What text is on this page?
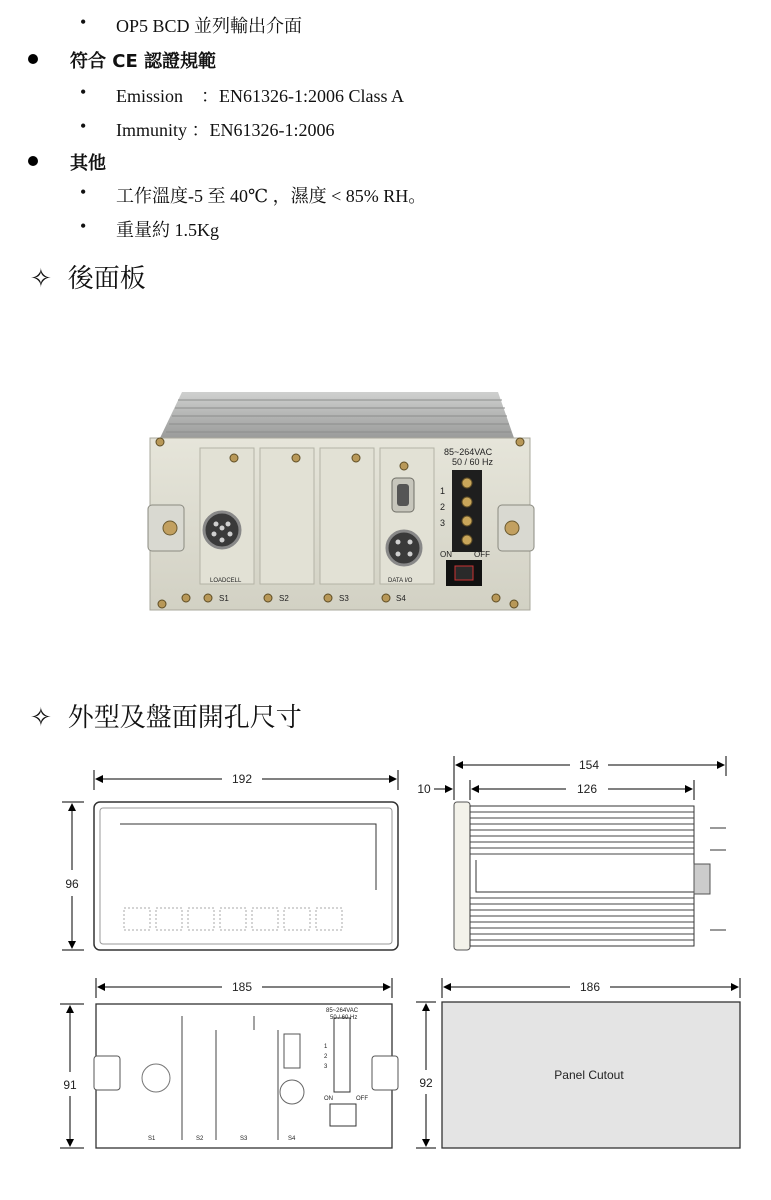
• OP5 BCD 並列輸出介面
符合 CE 認證規範
• Emission　：EN61326-1:2006 Class A
• Immunity ：EN61326-1:2006
其他
• 工作溫度-5 至 40℃ ，濕度 < 85% RH。
• 重量約 1.5Kg
✧ 後面板
85~264VAC
50 / 60 Hz
1
2
3
ON	OFF
LOADCELL	DATA I/O
S1	S2	S3	S4
✧ 外型及盤面開孔尺寸
192
96
154
126
10
185
91
85~264VAC
50 / 60 Hz
1
2
3
ON	OFF
S1	S2	S3	S4
186
92
Panel Cutout
